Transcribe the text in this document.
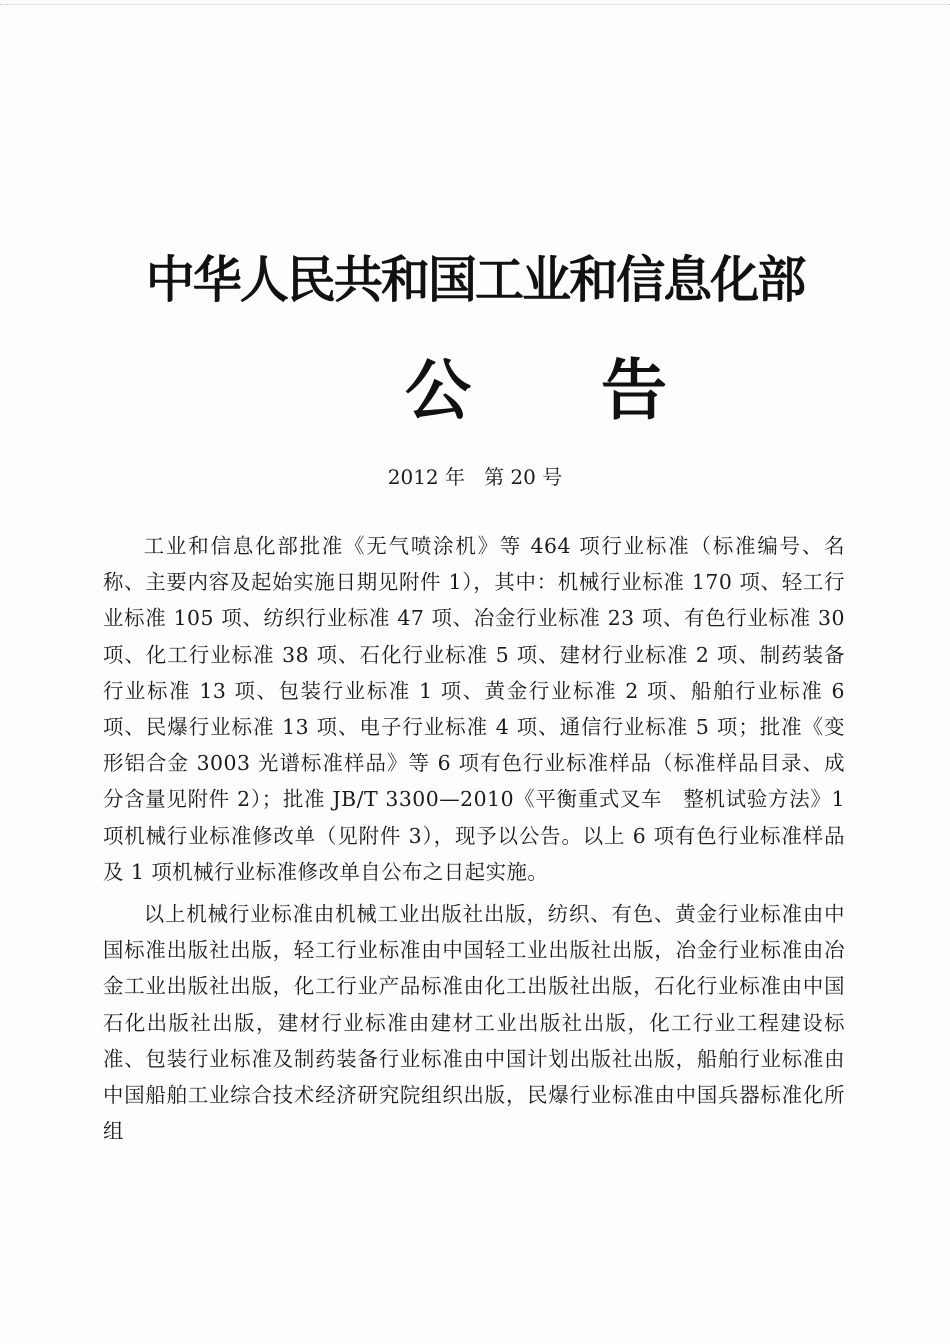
中华人民共和国工业和信息化部
公告
2012 年   第 20 号

工业和信息化部批准《无气喷涂机》等 464 项行业标准（标准编号、名称、主要内容及起始实施日期见附件 1），其中：机械行业标准 170 项、轻工行业标准 105 项、纺织行业标准 47 项、冶金行业标准 23 项、有色行业标准 30 项、化工行业标准 38 项、石化行业标准 5 项、建材行业标准 2 项、制药装备行业标准 13 项、包装行业标准 1 项、黄金行业标准 2 项、船舶行业标准 6 项、民爆行业标准 13 项、电子行业标准 4 项、通信行业标准 5 项；批准《变形铝合金 3003 光谱标准样品》等 6 项有色行业标准样品（标准样品目录、成分含量见附件 2）；批准 JB/T 3300—2010《平衡重式叉车　整机试验方法》1 项机械行业标准修改单（见附件 3），现予以公告。以上 6 项有色行业标准样品及 1 项机械行业标准修改单自公布之日起实施。

以上机械行业标准由机械工业出版社出版，纺织、有色、黄金行业标准由中国标准出版社出版，轻工行业标准由中国轻工业出版社出版，冶金行业标准由冶金工业出版社出版，化工行业产品标准由化工出版社出版，石化行业标准由中国石化出版社出版，建材行业标准由建材工业出版社出版，化工行业工程建设标准、包装行业标准及制药装备行业标准由中国计划出版社出版，船舶行业标准由中国船舶工业综合技术经济研究院组织出版，民爆行业标准由中国兵器标准化所组
